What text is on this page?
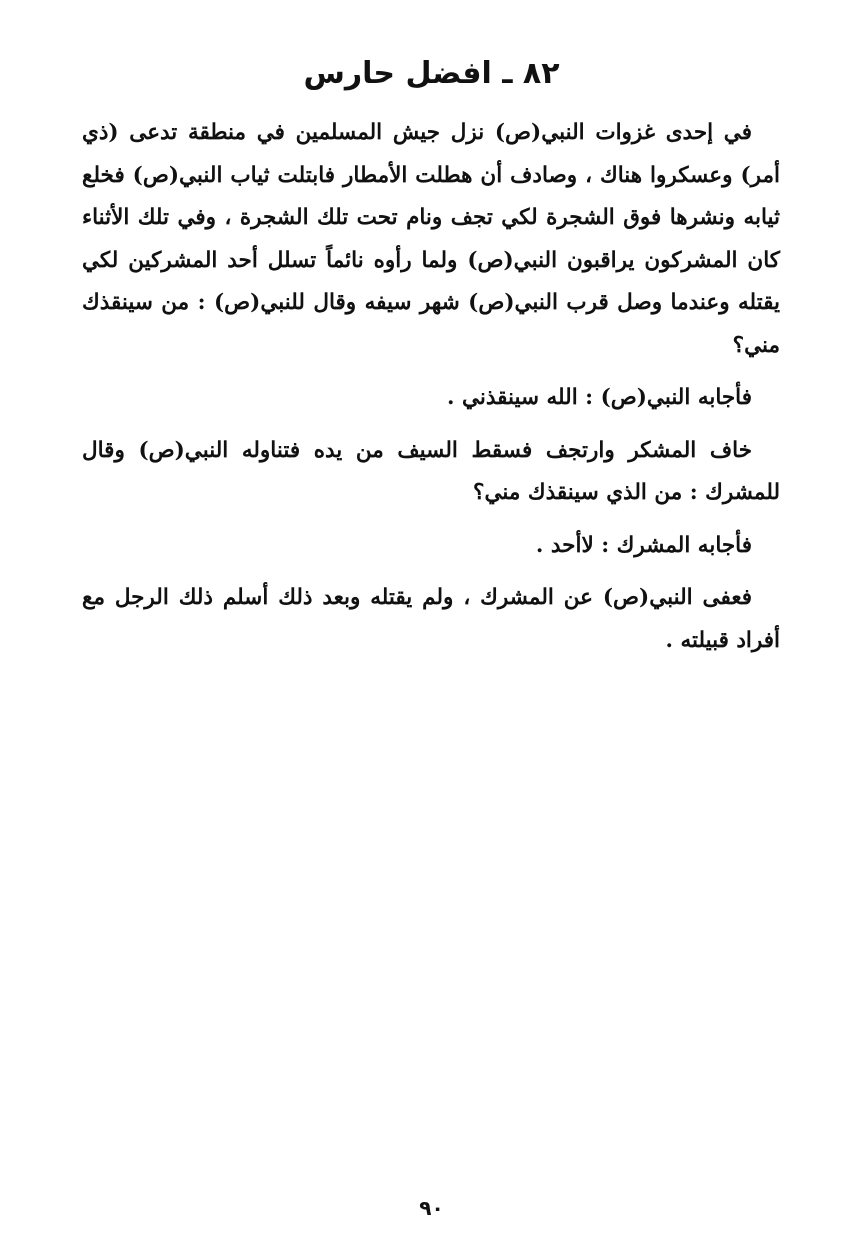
٨٢ ـ افضل حارس

في إحدى غزوات النبي(ص) نزل جيش المسلمين في منطقة تدعى (ذي أمر) وعسكروا هناك ، وصادف أن هطلت الأمطار فابتلت ثياب النبي(ص) فخلع ثيابه ونشرها فوق الشجرة لكي تجف ونام تحت تلك الشجرة ، وفي تلك الأثناء كان المشركون يراقبون النبي(ص) ولما رأوه نائماً تسلل أحد المشركين لكي يقتله وعندما وصل قرب النبي(ص) شهر سيفه وقال للنبي(ص) : من سينقذك مني؟

فأجابه النبي(ص) : الله سينقذني .

خاف المشكر وارتجف فسقط السيف من يده فتناوله النبي(ص) وقال للمشرك : من الذي سينقذك مني؟

فأجابه المشرك : لاأحد .

فعفى النبي(ص) عن المشرك ، ولم يقتله وبعد ذلك أسلم ذلك الرجل مع أفراد قبيلته .

٩٠
